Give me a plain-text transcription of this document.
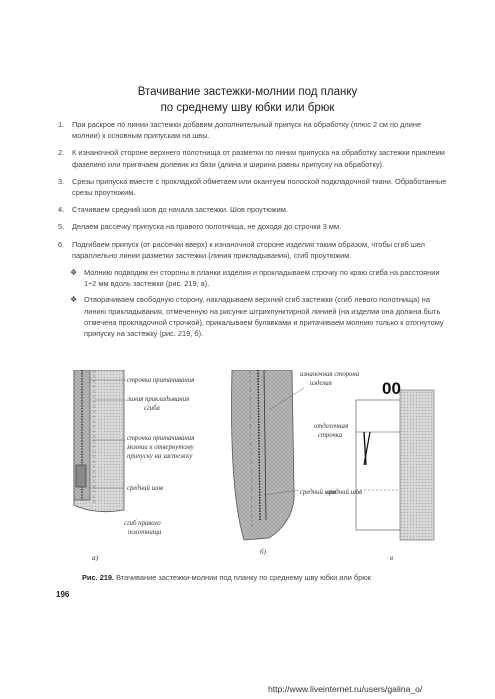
Втачивание застежки-молнии под планку
по среднему шву юбки или брюк
1. При раскрое по линии застежки добавим дополнительный припуск на обработку (плюс 2 см по длине молнии) к основным припускам на швы.
2. К изнаночной стороне верхнего полотнища от разметки по линии припуска на обработку застежки приклеим фазелино или пригачаем долевик из бязи (длина и ширина равны припуску на обработку).
3. Срезы припуска вместе с прокладкой обметаем или окантуем полоской подкладочной ткани. Обработанные срезы проутюжим.
4. Стачиваем средний шов до начала застежки. Шов проутюжим.
5. Делаем рассечку припуска на правого полотнища, не доходя до строчки 3 мм.
6. Подгибаем припуск (от рассечки вверх) к изнаночной стороне изделия таким образом, чтобы сгиб шел параллельно линии разметки застежки (линия прикладывания), сгиб проутюжим.
❖ Молнию подводим ен стороны в планки изделия и прокладываем строчку по краю сгиба на расстоянии 1÷2 мм вдоль застежки (рис. 219, а).
❖ Отворачиваем свободную сторону, накладываем верхний сгиб застежки (сгиб левого полотнища) на линию прикладывания, отмеченную на рисунке штрихпунктирной линией (на изделии она должна быть отмечена прокладочной строчкой), прикалываем булавками и притачиваем молнию только к отогнутому припуску на застежку (рис. 219, б).
строчка притачивания
линия прикладывания
сгиба
строчка притачивания
молнии к отвернутому
припуску на застежку
средний шов
сгиб правого
полотнища
а)
изнаночная сторона
изделия
средний шов
б)
00
отделочная
строчка
средний шов
в
Рис. 219. Втачивание застежки-молнии под планку по среднему шву юбки или брюк
196
http://www.liveinternet.ru/users/galina_o/
